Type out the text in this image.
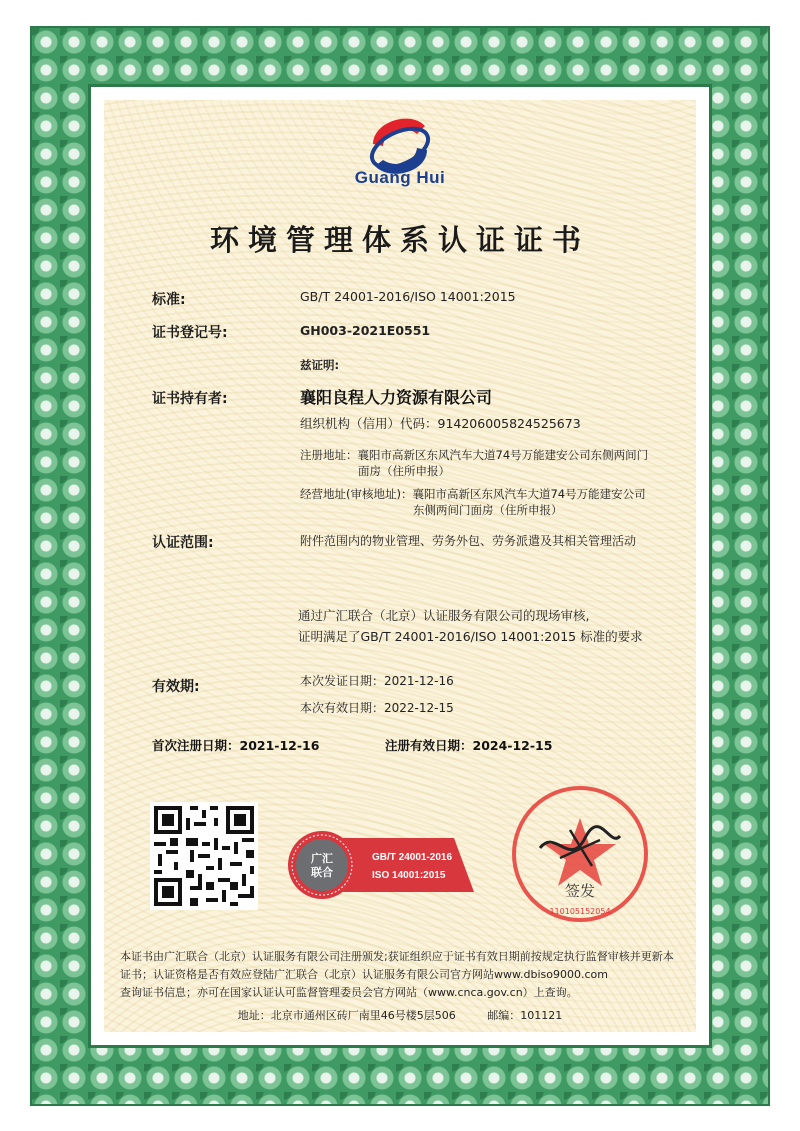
Guang Hui
环境管理体系认证证书
标准:	GB/T 24001-2016/ISO 14001:2015
证书登记号:	GH003-2021E0551
兹证明:
证书持有者:	襄阳良程人力资源有限公司
组织机构（信用）代码：914206005824525673
注册地址：襄阳市高新区东风汽车大道74号万能建安公司东侧两间门
面房（住所申报）
经营地址(审核地址)：襄阳市高新区东风汽车大道74号万能建安公司
东侧两间门面房（住所申报）
认证范围:	附件范围内的物业管理、劳务外包、劳务派遣及其相关管理活动
通过广汇联合（北京）认证服务有限公司的现场审核,
证明满足了GB/T 24001-2016/ISO 14001:2015 标准的要求
有效期:	本次发证日期：2021-12-16
本次有效日期：2022-12-15
首次注册日期：2021-12-16	注册有效日期：2024-12-15
广汇
联合
GB/T 24001-2016
ISO 14001:2015
签发
110105152054

本证书由广汇联合（北京）认证服务有限公司注册颁发;获证组织应于证书有效日期前按规定执行监督审核并更新本

证书；认证资格是否有效应登陆广汇联合（北京）认证服务有限公司官方网站www.dbiso9000.com

查询证书信息；亦可在国家认证认可监督管理委员会官方网站（www.cnca.gov.cn）上查询。

地址：北京市通州区砖厂南里46号楼5层506	邮编：101121
